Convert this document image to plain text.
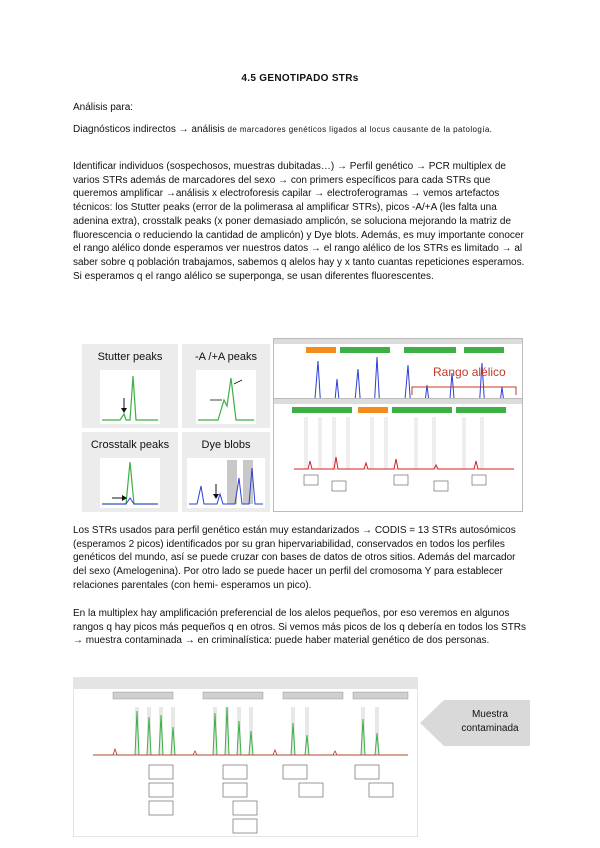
4.5 GENOTIPADO STRs

Análisis para:

Diagnósticos indirectos → análisis de marcadores genéticos ligados al locus causante de la patología.

Identificar individuos (sospechosos, muestras dubitadas…) → Perfil genético → PCR multiplex de varios STRs además de marcadores del sexo → con primers específicos para cada STRs que queremos amplificar →análisis x electroforesis capilar → electroferogramas → vemos artefactos técnicos: los Stutter peaks (error de la polimerasa al amplificar STRs), picos -A/+A (les falta una adenina extra), crosstalk peaks (x poner demasiado amplicón, se soluciona mejorando la matriz de fluorescencia o reduciendo la cantidad de amplicón) y Dye blots. Además, es muy importante conocer el rango alélico donde esperamos ver nuestros datos → el rango alélico de los STRs es limitado → al saber sobre q población trabajamos, sabemos q alelos hay y x tanto cuantas repeticiones esperamos. Si esperamos q el rango alélico se superponga, se usan diferentes fluorescentes.

Stutter peaks	-A /+A peaks
Crosstalk peaks	Dye blobs
Rango alélico

Los STRs usados para perfil genético están muy estandarizados → CODIS = 13 STRs autosómicos (esperamos 2 picos) identificados por su gran hipervariabilidad, conservados en todos los perfiles genéticos del mundo, así se puede cruzar con bases de datos de otros sitios. Además del marcador del sexo (Amelogenina). Por otro lado se puede hacer un perfil del cromosoma Y para establecer relaciones parentales (con hemi- esperamos un pico).

En la multiplex hay amplificación preferencial de los alelos pequeños, por eso veremos en algunos rangos q hay picos más pequeños q en otros. Si vemos más picos de los q debería en todos los STRs → muestra contaminada → en criminalística: puede haber material genético de dos personas.

Muestra contaminada
